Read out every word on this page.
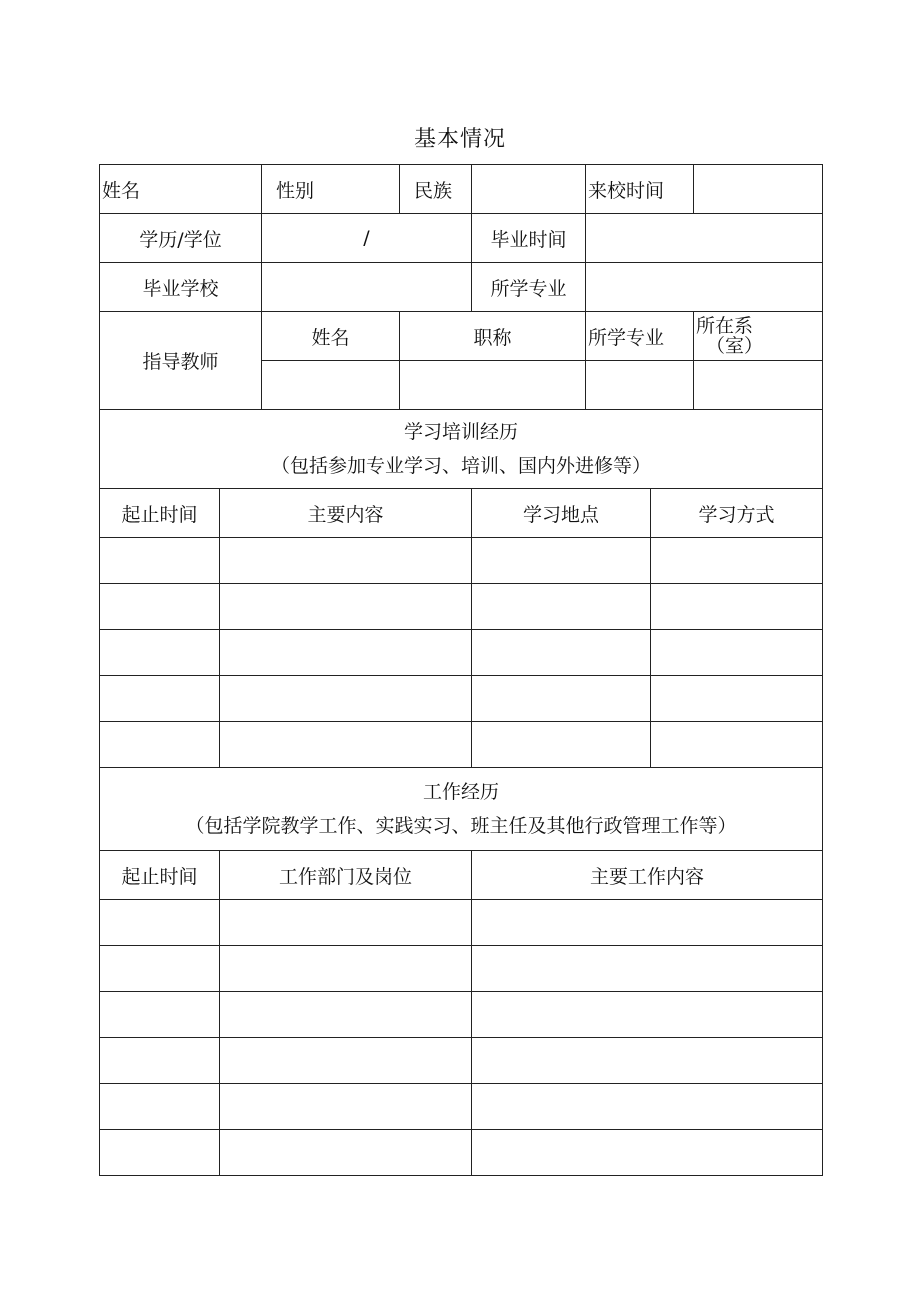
基本情况
姓名	性别	民族		来校时间	
学历/学位	/		毕业时间		
毕业学校			所学专业		
指导教师	姓名	职称		所学专业	所在系
（室）

学习培训经历
（包括参加专业学习、培训、国内外进修等）			

起止时间	主要内容	学习地点	学习方式

工作经历
（包括学院教学工作、实践实习、班主任及其他行政管理工作等）		

起止时间	工作部门及岗位	主要工作内容
